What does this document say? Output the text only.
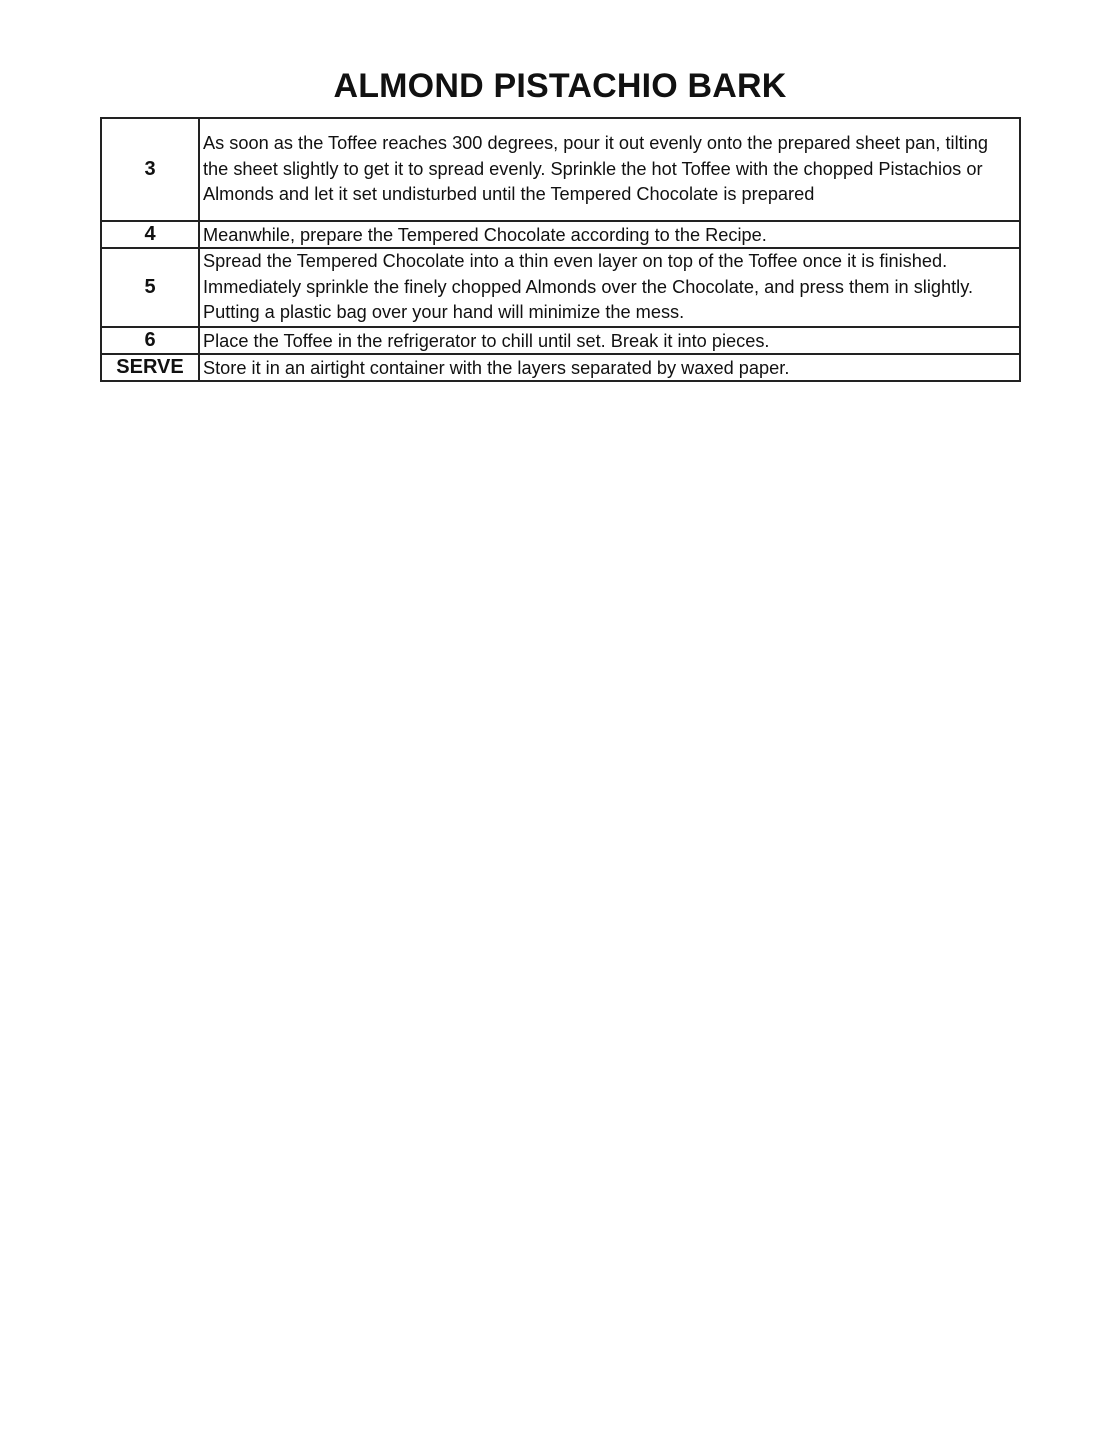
ALMOND PISTACHIO BARK
3	As soon as the Toffee reaches 300 degrees, pour it out evenly onto the prepared sheet pan, tilting the sheet slightly to get it to spread evenly. Sprinkle the hot Toffee with the chopped Pistachios or Almonds and let it set undisturbed until the Tempered Chocolate is prepared
4	Meanwhile, prepare the Tempered Chocolate according to the Recipe.
5	Spread the Tempered Chocolate into a thin even layer on top of the Toffee once it is finished. Immediately sprinkle the finely chopped Almonds over the Chocolate, and press them in slightly. Putting a plastic bag over your hand will minimize the mess.
6	Place the Toffee in the refrigerator to chill until set. Break it into pieces.
SERVE	Store it in an airtight container with the layers separated by waxed paper.
